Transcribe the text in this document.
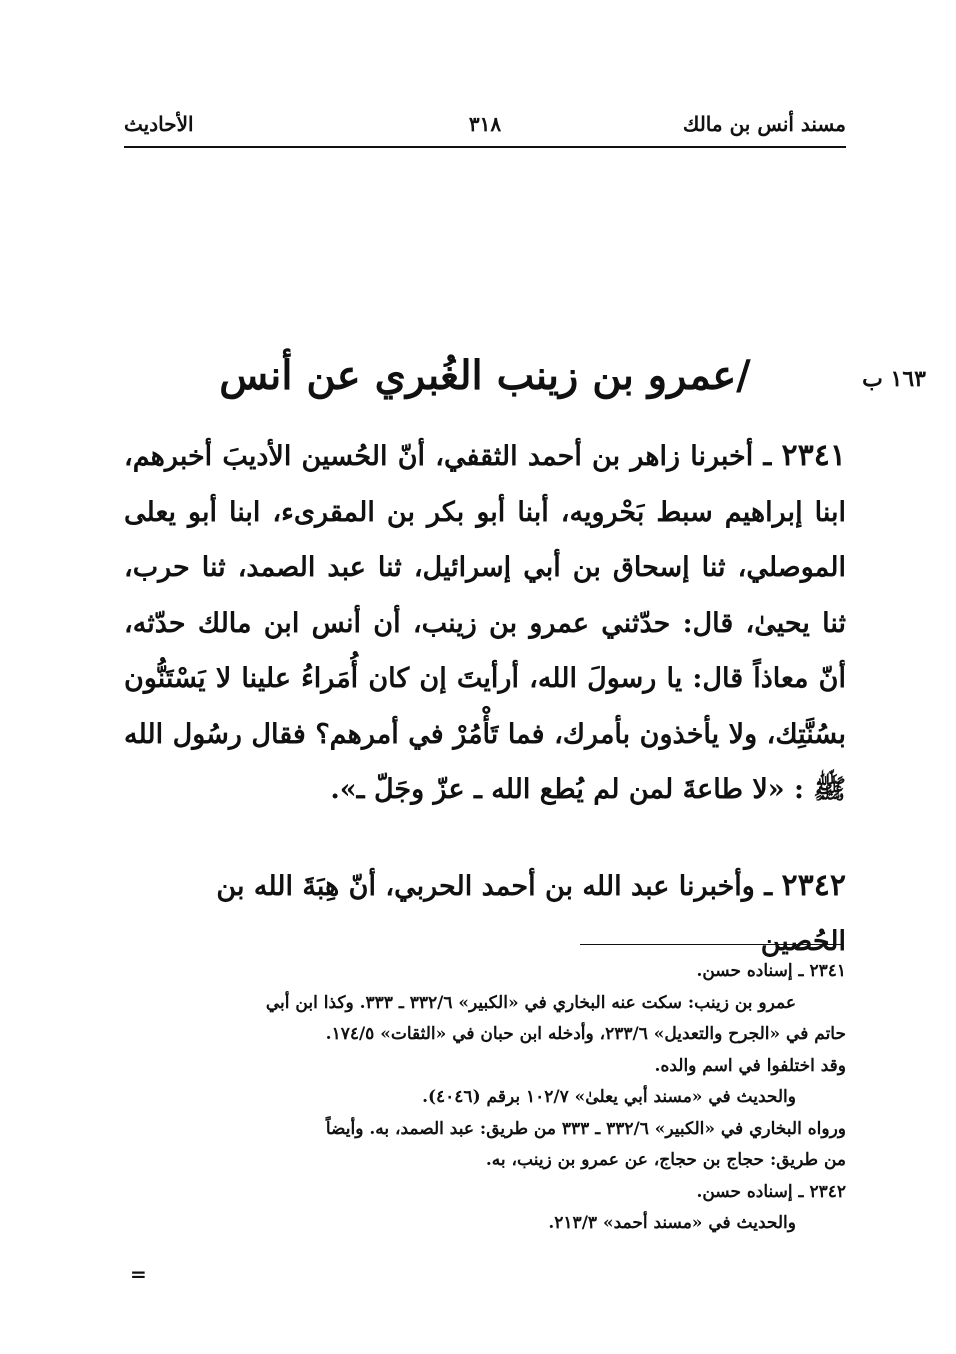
مسند أنس بن مالك
٣١٨
الأحاديث
١٦٣ ب
/عمرو بن زينب الغُبري عن أنس

٢٣٤١ ـ أخبرنا زاهر بن أحمد الثقفي، أنّ الحُسين الأديبَ أخبرهم، ابنا إبراهيم سبط بَحْرويه، أبنا أبو بكر بن المقرىء، ابنا أبو يعلى الموصلي، ثنا إسحاق بن أبي إسرائيل، ثنا عبد الصمد، ثنا حرب، ثنا يحيىٰ، قال: حدّثني عمرو بن زينب، أن أنس ابن مالك حدّثه، أنّ معاذاً قال: يا رسولَ الله، أرأيتَ إن كان أُمَراءُ علينا لا يَسْتَنُّون بسُنَّتِك، ولا يأخذون بأمرك، فما تَأْمُرْ في أمرهم؟ فقال رسُول الله ﷺ : «لا طاعةَ لمن لم يُطع الله ـ عزّ وجَلّ ـ».

٢٣٤٢ ـ وأخبرنا عبد الله بن أحمد الحربي، أنّ هِبَةَ الله بن الحُصين

٢٣٤١ ـ إسناده حسن.

عمرو بن زينب: سكت عنه البخاري في «الكبير» ٣٣٢/٦ ـ ٣٣٣. وكذا ابن أبي

حاتم في «الجرح والتعديل» ٢٣٣/٦، وأدخله ابن حبان في «الثقات» ١٧٤/٥.

وقد اختلفوا في اسم والده.

والحديث في «مسند أبي يعلىٰ» ١٠٢/٧ برقم (٤٠٤٦).

ورواه البخاري في «الكبير» ٣٣٢/٦ ـ ٣٣٣ من طريق: عبد الصمد، به. وأيضاً

من طريق: حجاج بن حجاج، عن عمرو بن زينب، به.

٢٣٤٢ ـ إسناده حسن.

والحديث في «مسند أحمد» ٢١٣/٣.

=
